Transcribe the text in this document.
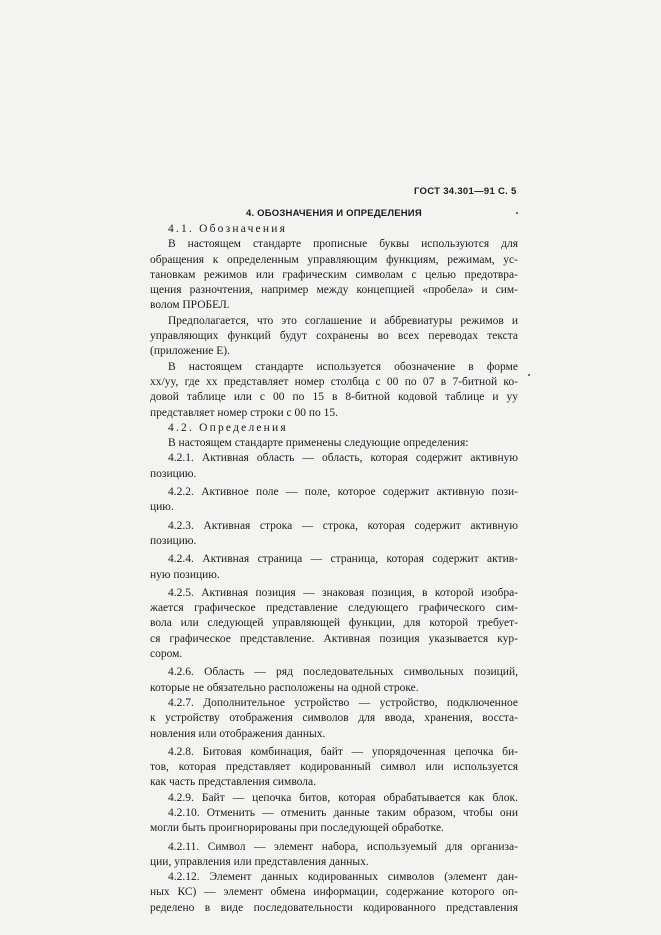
ГОСТ 34.301—91 С. 5
4. ОБОЗНАЧЕНИЯ И ОПРЕДЕЛЕНИЯ
4.1. Обозначения
В настоящем стандарте прописные буквы используются для
обращения к определенным управляющим функциям, режимам, ус-
тановкам режимов или графическим символам с целью предотвра-
щения разночтения, например между концепцией «пробела» и сим-
волом ПРОБЕЛ.
Предполагается, что это соглашение и аббревиатуры режимов и
управляющих функций будут сохранены во всех переводах текста
(приложение Е).
В настоящем стандарте используется обозначение в форме
xx/yy, где xx представляет номер столбца с 00 по 07 в 7-битной ко-
довой таблице или с 00 по 15 в 8-битной кодовой таблице и yy
представляет номер строки с 00 по 15.
4.2. Определения
В настоящем стандарте применены следующие определения:
4.2.1. Активная область — область, которая содержит активную
позицию.
4.2.2. Активное поле — поле, которое содержит активную пози-
цию.
4.2.3. Активная строка — строка, которая содержит активную
позицию.
4.2.4. Активная страница — страница, которая содержит актив-
ную позицию.
4.2.5. Активная позиция — знаковая позиция, в которой изобра-
жается графическое представление следующего графического сим-
вола или следующей управляющей функции, для которой требует-
ся графическое представление. Активная позиция указывается кур-
сором.
4.2.6. Область — ряд последовательных символьных позиций,
которые не обязательно расположены на одной строке.
4.2.7. Дополнительное устройство — устройство, подключенное
к устройству отображения символов для ввода, хранения, восста-
новления или отображения данных.
4.2.8. Битовая комбинация, байт — упорядоченная цепочка би-
тов, которая представляет кодированный символ или используется
как часть представления символа.
4.2.9. Байт — цепочка битов, которая обрабатывается как блок.
4.2.10. Отменить — отменить данные таким образом, чтобы они
могли быть проигнорированы при последующей обработке.
4.2.11. Символ — элемент набора, используемый для организа-
ции, управления или представления данных.
4.2.12. Элемент данных кодированных символов (элемент дан-
ных КС) — элемент обмена информации, содержание которого оп-
ределено в виде последовательности кодированного представления
